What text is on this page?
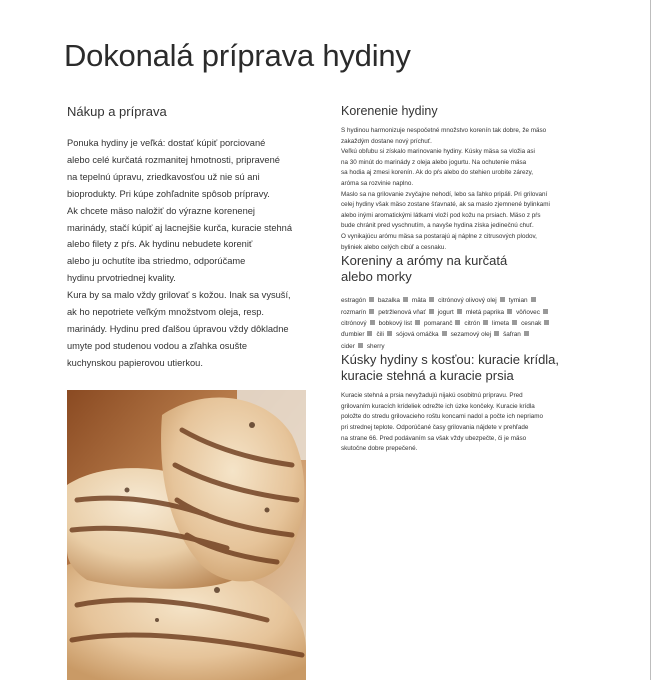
Dokonalá príprava hydiny
Nákup a príprava

Ponuka hydiny je veľká: dostať kúpiť porciované
alebo celé kurčatá rozmanitej hmotnosti, pripravené
na tepelnú úpravu, zriedkavosťou už nie sú ani
bioprodukty. Pri kúpe zohľadnite spôsob prípravy.
Ak chcete mäso naložiť do výrazne korenenej
marinády, stačí kúpiť aj lacnejšie kurča, kuracie stehná
alebo filety z pŕs. Ak hydinu nebudete koreniť
alebo ju ochutíte iba striedmo, odporúčame
hydinu prvotriednej kvality.
Kura by sa malo vždy grilovať s kožou. Inak sa vysuší,
ak ho nepotriete veľkým množstvom oleja, resp.
marinády. Hydinu pred ďalšou úpravou vždy dôkladne
umyte pod studenou vodou a zľahka osušte
kuchynskou papierovou utierkou.

Korenenie hydiny

S hydinou harmonizuje nespočetné množstvo korenín tak dobre, že mäso
zakaždým dostane nový príchuť.
Veľkú obľubu si získalo marinovanie hydiny. Kúsky mäsa sa vložia asi
na 30 minút do marinády z oleja alebo jogurtu. Na ochutenie mäsa
sa hodia aj zmesi korenín. Ak do pŕs alebo do stehien urobíte zárezy,
aróma sa rozvinie naplno.
Maslo sa na grilovanie zvyčajne nehodí, lebo sa ľahko pripáli. Pri grilovaní
celej hydiny však mäso zostane šťavnaté, ak sa maslo zjemnené bylinkami
alebo inými aromatickými látkami vloží pod kožu na prsiach. Mäso z pŕs
bude chránit pred vyschnutím, a navyše hydina získa jedinečnú chuť.
O vynikajúcu arómu mäsa sa postarajú aj náplne z citrusových plodov,
byliniek alebo celých cibúľ a cesnaku.

Koreniny a arómy na kurčatá
alebo morky
estragón bazalka mäta citrónový olivový olej tymian
rozmarín petržlenová vňať jogurt mletá paprika vôňovec
citrónový bobkový list pomaranč citrón limeta cesnak
ďumbier čili sójová omáčka sezamový olej šafran
cider sherry
Kúsky hydiny s kosťou: kuracie krídla,
kuracie stehná a kuracie prsia

Kuracie stehná a prsia nevyžadujú nijakú osobitnú prípravu. Pred
grilovaním kuracích krídeliek odrežte ich úzke končeky. Kuracie krídla
položte do stredu grilovacieho roštu koncami nadol a počte ich nepriamo
pri strednej teplote. Odporúčané časy grilovania nájdete v prehľade
na strane 66. Pred podávaním sa však vždy ubezpečte, či je mäso
skutočne dobre prepečené.
